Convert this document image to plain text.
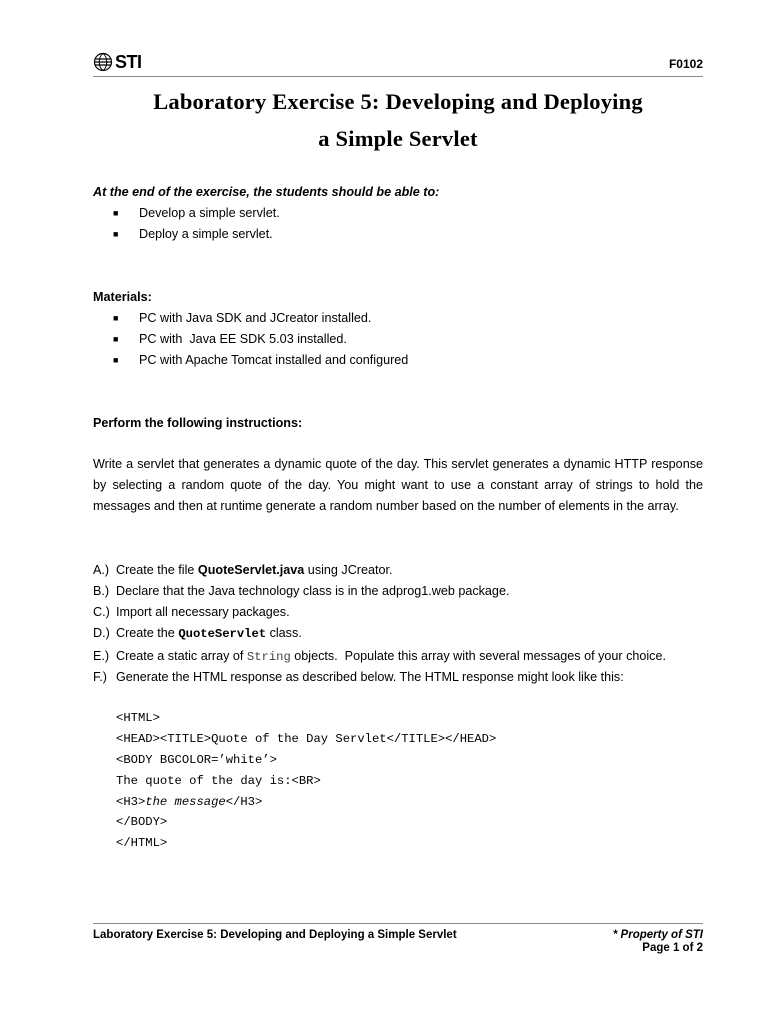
STI	F0102
Laboratory Exercise 5: Developing and Deploying
a Simple Servlet
At the end of the exercise, the students should be able to:
■	Develop a simple servlet.
■	Deploy a simple servlet.
Materials:
■	PC with Java SDK and JCreator installed.
■	PC with  Java EE SDK 5.03 installed.
■	PC with Apache Tomcat installed and configured
Perform the following instructions:
Write a servlet that generates a dynamic quote of the day. This servlet generates a dynamic HTTP response by selecting a random quote of the day. You might want to use a constant array of strings to hold the messages and then at runtime generate a random number based on the number of elements in the array.
A.) Create the file QuoteServlet.java using JCreator.
B.) Declare that the Java technology class is in the adprog1.web package.
C.) Import all necessary packages.
D.) Create the QuoteServlet class.
E.) Create a static array of String objects.  Populate this array with several messages of your choice.
F.) Generate the HTML response as described below. The HTML response might look like this:
<HTML>
<HEAD><TITLE>Quote of the Day Servlet</TITLE></HEAD>
<BODY BGCOLOR=’white’>
The quote of the day is:<BR>
<H3>the message</H3>
</BODY>
</HTML>
Laboratory Exercise 5: Developing and Deploying a Simple Servlet	* Property of STI
Page 1 of 2
